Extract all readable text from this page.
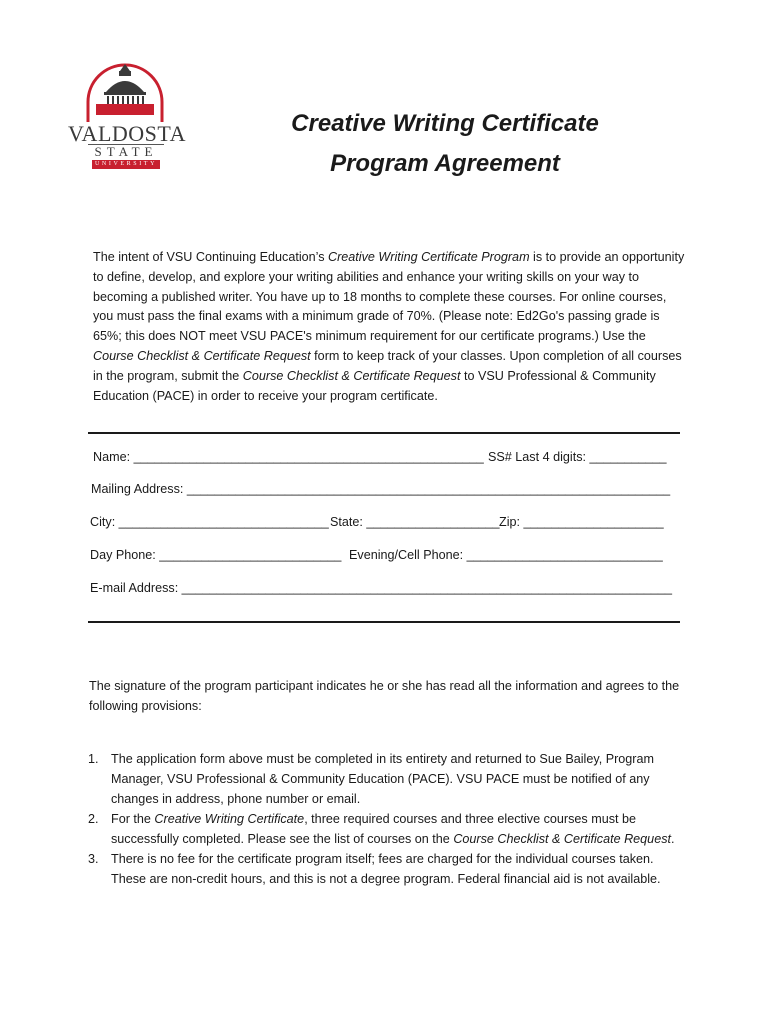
VALDOSTA
STATE
UNIVERSITY
Creative Writing Certificate
Program Agreement

The intent of VSU Continuing Education’s Creative Writing Certificate Program is to provide an opportunity to define, develop, and explore your writing abilities and enhance your writing skills on your way to becoming a published writer. You have up to 18 months to complete these courses. For online courses, you must pass the final exams with a minimum grade of 70%. (Please note: Ed2Go's passing grade is 65%; this does NOT meet VSU PACE's minimum requirement for our certificate programs.) Use the Course Checklist & Certificate Request form to keep track of your classes. Upon completion of all courses in the program, submit the Course Checklist & Certificate Request to VSU Professional & Community Education (PACE) in order to receive your program certificate.

Name: __________________________________________________ SS# Last 4 digits: ___________
Mailing Address: _____________________________________________________________________
City: ______________________________ State: ___________________ Zip: ____________________
Day Phone: __________________________ Evening/Cell Phone: ____________________________
E-mail Address: ______________________________________________________________________

The signature of the program participant indicates he or she has read all the information and agrees to the following provisions:

1. The application form above must be completed in its entirety and returned to Sue Bailey, Program Manager, VSU Professional & Community Education (PACE). VSU PACE must be notified of any changes in address, phone number or email.
2. For the Creative Writing Certificate, three required courses and three elective courses must be successfully completed. Please see the list of courses on the Course Checklist & Certificate Request.
3. There is no fee for the certificate program itself; fees are charged for the individual courses taken. These are non-credit hours, and this is not a degree program. Federal financial aid is not available.
